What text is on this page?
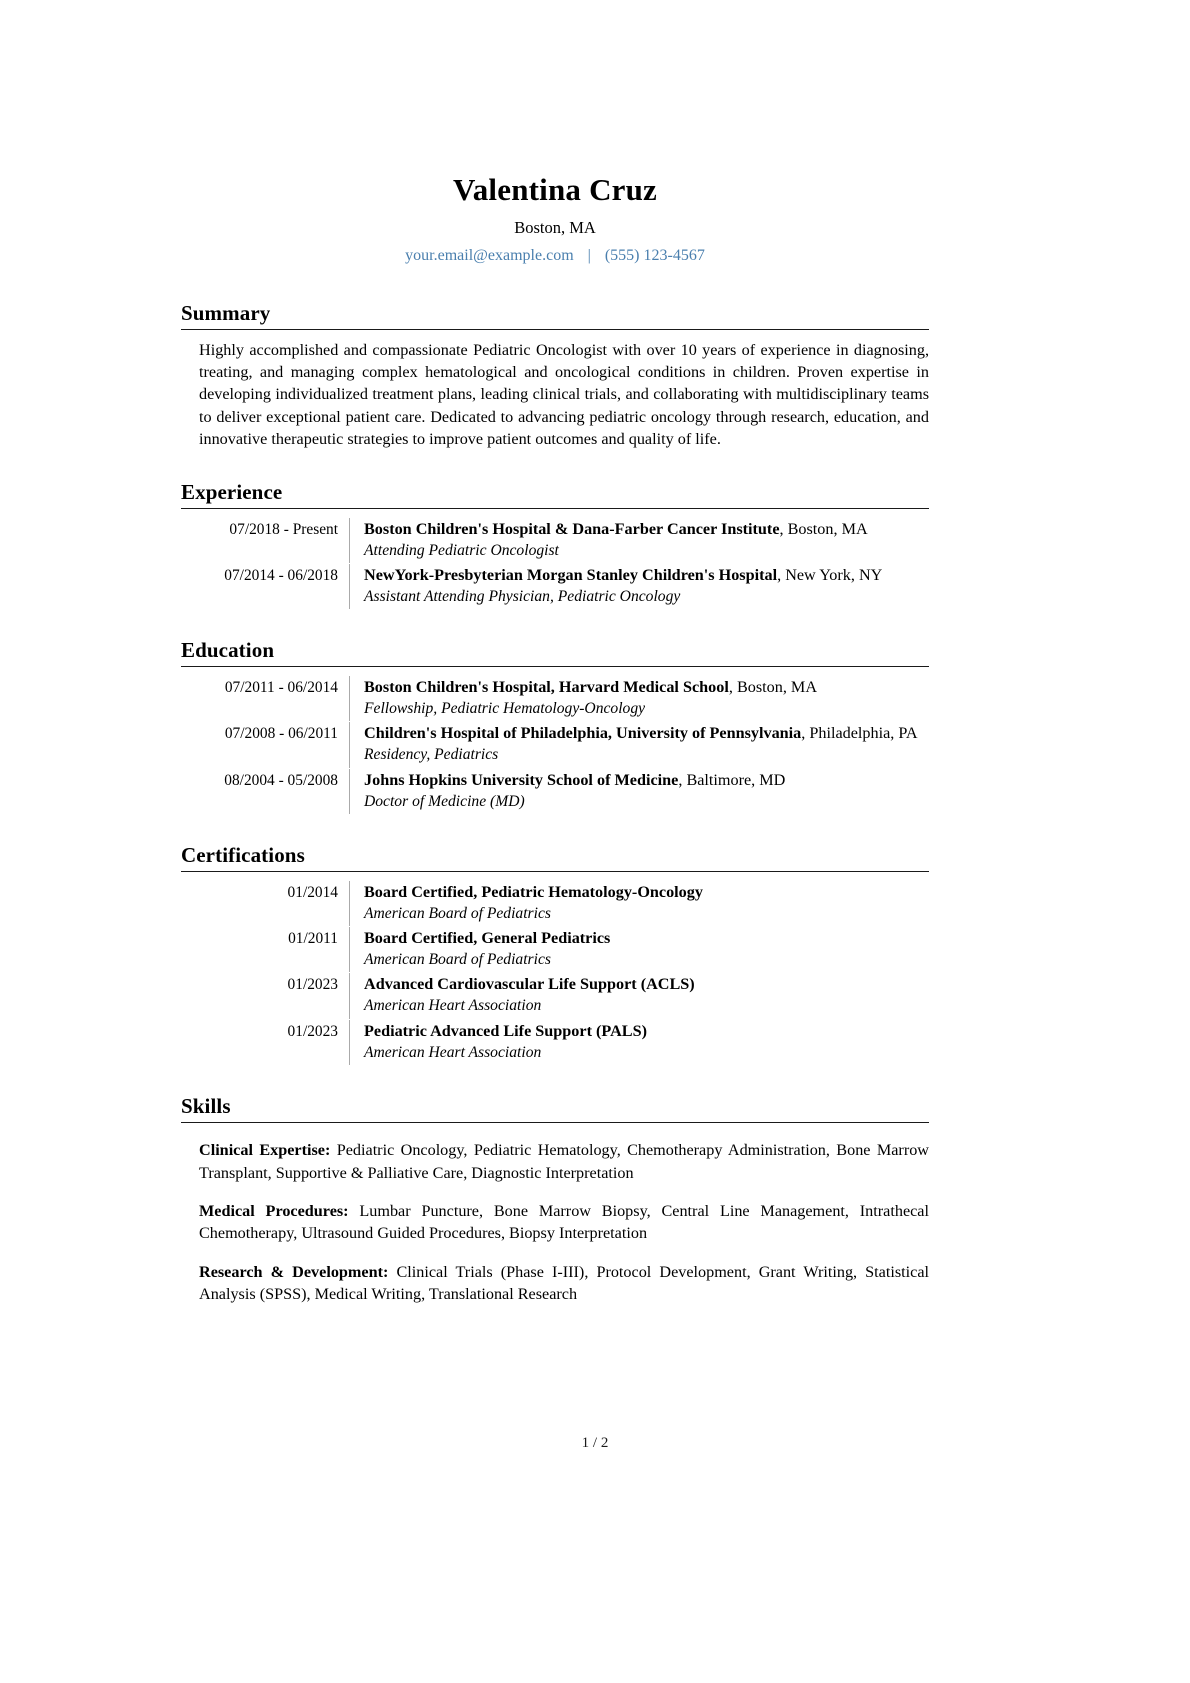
Valentina Cruz
Boston, MA
your.email@example.com | (555) 123-4567
Summary

Highly accomplished and compassionate Pediatric Oncologist with over 10 years of experience in diagnosing, treating, and managing complex hematological and oncological conditions in children. Proven expertise in developing individualized treatment plans, leading clinical trials, and collaborating with multidisciplinary teams to deliver exceptional patient care. Dedicated to advancing pediatric oncology through research, education, and innovative therapeutic strategies to improve patient outcomes and quality of life.

Experience
07/2018 - Present	Boston Children's Hospital & Dana-Farber Cancer Institute, Boston, MA

Attending Pediatric Oncologist

07/2014 - 06/2018	NewYork-Presbyterian Morgan Stanley Children's Hospital, New York, NY

Assistant Attending Physician, Pediatric Oncology

Education
07/2011 - 06/2014	Boston Children's Hospital, Harvard Medical School, Boston, MA

Fellowship, Pediatric Hematology-Oncology

07/2008 - 06/2011	Children's Hospital of Philadelphia, University of Pennsylvania, Philadelphia, PA

Residency, Pediatrics

08/2004 - 05/2008	Johns Hopkins University School of Medicine, Baltimore, MD

Doctor of Medicine (MD)

Certifications
01/2014	Board Certified, Pediatric Hematology-Oncology

American Board of Pediatrics

01/2011	Board Certified, General Pediatrics

American Board of Pediatrics

01/2023	Advanced Cardiovascular Life Support (ACLS)

American Heart Association

01/2023	Pediatric Advanced Life Support (PALS)

American Heart Association

Skills

Clinical Expertise: Pediatric Oncology, Pediatric Hematology, Chemotherapy Administration, Bone Marrow Transplant, Supportive & Palliative Care, Diagnostic Interpretation

Medical Procedures: Lumbar Puncture, Bone Marrow Biopsy, Central Line Management, Intrathecal Chemotherapy, Ultrasound Guided Procedures, Biopsy Interpretation

Research & Development: Clinical Trials (Phase I-III), Protocol Development, Grant Writing, Statistical Analysis (SPSS), Medical Writing, Translational Research

1 / 2
